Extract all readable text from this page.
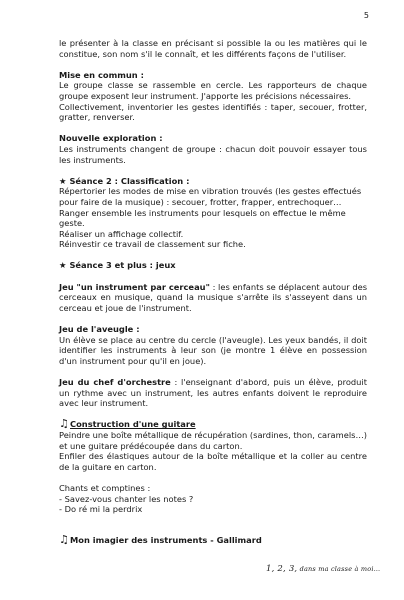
5

le présenter à la classe en précisant si possible la ou les matières qui le constitue, son nom s'il le connaît, et les différents façons de l'utiliser.

Mise en commun :
Le groupe classe se rassemble en cercle. Les rapporteurs de chaque groupe exposent leur instrument. J'apporte les précisions nécessaires.
Collectivement, inventorier les gestes identifiés : taper, secouer, frotter, gratter, renverser.
Nouvelle exploration :
Les instruments changent de groupe : chacun doit pouvoir essayer tous les instruments.
★ Séance 2 : Classification :
Répertorier les modes de mise en vibration trouvés (les gestes effectués pour faire de la musique) : secouer, frotter, frapper, entrechoquer…
Ranger ensemble les instruments pour lesquels on effectue le même geste.
Réaliser un affichage collectif.
Réinvestir ce travail de classement sur fiche.
★ Séance 3 et plus : jeux

Jeu "un instrument par cerceau" : les enfants se déplacent autour des cerceaux en musique, quand la musique s'arrête ils s'asseyent dans un cerceau et joue de l'instrument.

Jeu de l'aveugle :
Un élève se place au centre du cercle (l'aveugle). Les yeux bandés, il doit identifier les instruments à leur son (je montre 1 élève en possession d'un instrument pour qu'il en joue).

Jeu du chef d'orchestre : l'enseignant d'abord, puis un élève, produit un rythme avec un instrument, les autres enfants doivent le reproduire avec leur instrument.

♫Construction d'une guitare
Peindre une boîte métallique de récupération (sardines, thon, caramels…) et une guitare prédécoupée dans du carton.
Enfiler des élastiques autour de la boîte métallique et la coller au centre de la guitare en carton.
Chants et comptines :
- Savez-vous chanter les notes ?
- Do ré mi la perdrix
♫Mon imagier des instruments - Gallimard
1, 2, 3, dans ma classe à moi…
